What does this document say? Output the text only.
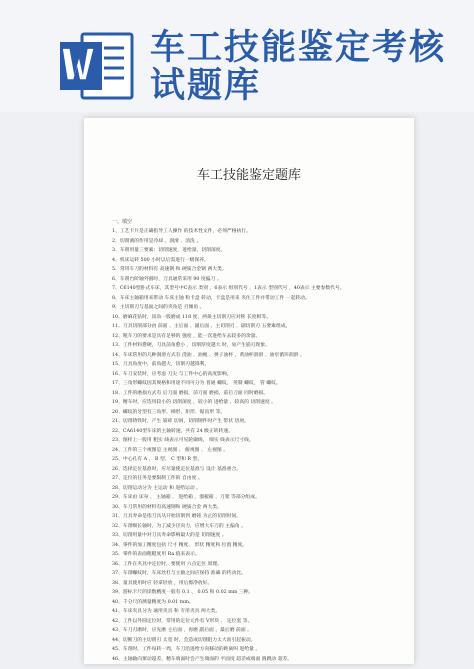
车工技能鉴定考核
试题库
车工技能鉴定题库
一、填空
1、工艺卡片是正确指导工人操作 的技术性文件，必须严格执行。
2、切削液的作用是冷却 、润滑 、清洗 。
3、车削用量三要素：切削速度，进给量，切削深度。
4、机床运转 500 小时以后需进行一级保养。
5、常用车刀的材料有 高速钢 和 硬质合金钢 两大类。
6、车削台阶轴外圆时，刀具通常采用 90 度偏刀 。
7、C6140型卧式车床，其型号中C表示 类别 ，6表示 组别代号 ，1表示 型别代号 ，40表示 主要参数代号。
8、车床主轴箱用来带动 车床主轴 和卡盘 转动，卡盘是用来 夹住工件并带动工件 一起转动。
9、主切削刃与基面之间的夹角是 刃倾角 。
10、磨麻花钻时，顶角一般磨成 118 度，两条主切削刃应对称 长度相等。
11、刀具切削部分由 前面 、主后面 、副后面 、主切削刃 、副切削刃 五要素组成。
12、粗车刀的要求是具有足够的 强度 ，能一次进给车去较多的余量。
13、工件材料愈硬，刀具前角愈小 ，切削厚度越大 时，易产生崩刃现象。
14、车床常用的几种润滑方式有 浇油 、油绳 、弹子油杯 ，黄油杯润滑 、油泵循环润滑 。
15、刀具角度中，前角越大，切削刃越锋利。
16、车刀安装时，应考虑 刀尖 与工件中心的高度影响。
17、三角形螺纹因其规格和用途不同可分为 普通 螺纹， 英制 螺纹， 管 螺纹。
18、工件的磨损方式有 后刀面 磨损，前刀面 磨损，前后刀面 同时磨损。
19、精车时，应选用较小的 切削深度 ，较小的 进给量 ，较高的 切削速度 。
20、螺纹的牙型有三角形、梯形、矩形、锯齿形 等。
21、切削铸铁时，产生 崩碎 切屑，切削钢件时产生 带状 切屑。
22、CA6140型车床的主轴转速，共有 24 级正转转速。
23、图样上一般用 粗实 线表示可见轮廓线， 细实 线表示尺寸线。
24、工件的三个视图是 主视图 、 俯视图 、 左视图 。
25、中心孔有 A 、 B 型、 C 型和 R 型。
26、选择定位基准时，应尽量使定位基准与 设计 基准重合。
27、定位的任务是要限制工件的 自由度 。
28、切削运动分为 主运动 和 进给运动 。
29、车床由 床身 、 主轴箱 、 进给箱 、溜板箱 、刀架 等部分组成。
30、车刀常用的材料有高速钢和 硬质合金 两大类。
31、刀具寿命是指刀具从开始切削到 磨钝 为止的切削时间。
32、车削细长轴时，为了减少径向力，应增大车刀的 主偏角 。
33、切削用量中对刀具寿命影响最大的是 切削速度 。
34、零件的加工精度包括 尺寸 精度、 形状 精度和 位置 精度。
35、零件的表面粗糙度用 Ra 值来表示。
36、工件在夹具中定位时，要使用 六点定位 原理。
37、车削螺纹时，车床丝杠与主轴之间应保持 准确 的传动比。
38、量具使用时应 轻拿轻放 ，用后擦净放好。
39、游标卡尺的读数精度一般有 0.1 、 0.05 和 0.02 mm 三种。
40、千分尺的测量精度为 0.01 mm。
41、车床夹具分为 通用夹具 和 专用夹具 两大类。
42、工件以外圆定位时，常用的定位元件有 V形块 、 定位套 等。
43、车刀刃磨时，应先磨 主后面 ，再磨 副后面 ，最后磨 前面 。
44、切断刀的主切削刃 太宽 时，会造成切削阻力太大而引起振动。
45、车削时，工件每转一周，车刀沿进给方向移动的距离叫 进给量 。
46、主轴轴向窜动超差，精车端面时会产生端面的 平面度 超差或端面 圆跳动 超差。
